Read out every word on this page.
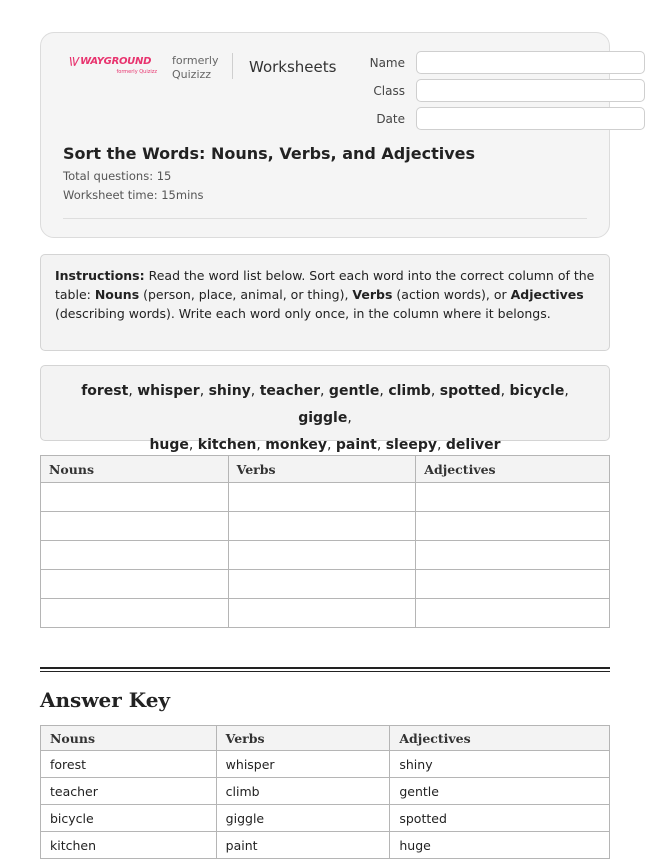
\\/ WAYGROUND
formerly Quizizz
formerly
Quizizz	Worksheets	Name
Class
Date
Sort the Words: Nouns, Verbs, and Adjectives
Total questions: 15
Worksheet time: 15mins
Instructions: Read the word list below. Sort each word into the correct column of the table: Nouns (person, place, animal, or thing), Verbs (action words), or Adjectives (describing words). Write each word only once, in the column where it belongs.
forest, whisper, shiny, teacher, gentle, climb, spotted, bicycle, giggle,
huge, kitchen, monkey, paint, sleepy, deliver
Nouns	Verbs	Adjectives

Answer Key
Nouns	Verbs	Adjectives
forest	whisper	shiny
teacher	climb	gentle
bicycle	giggle	spotted
kitchen	paint	huge
